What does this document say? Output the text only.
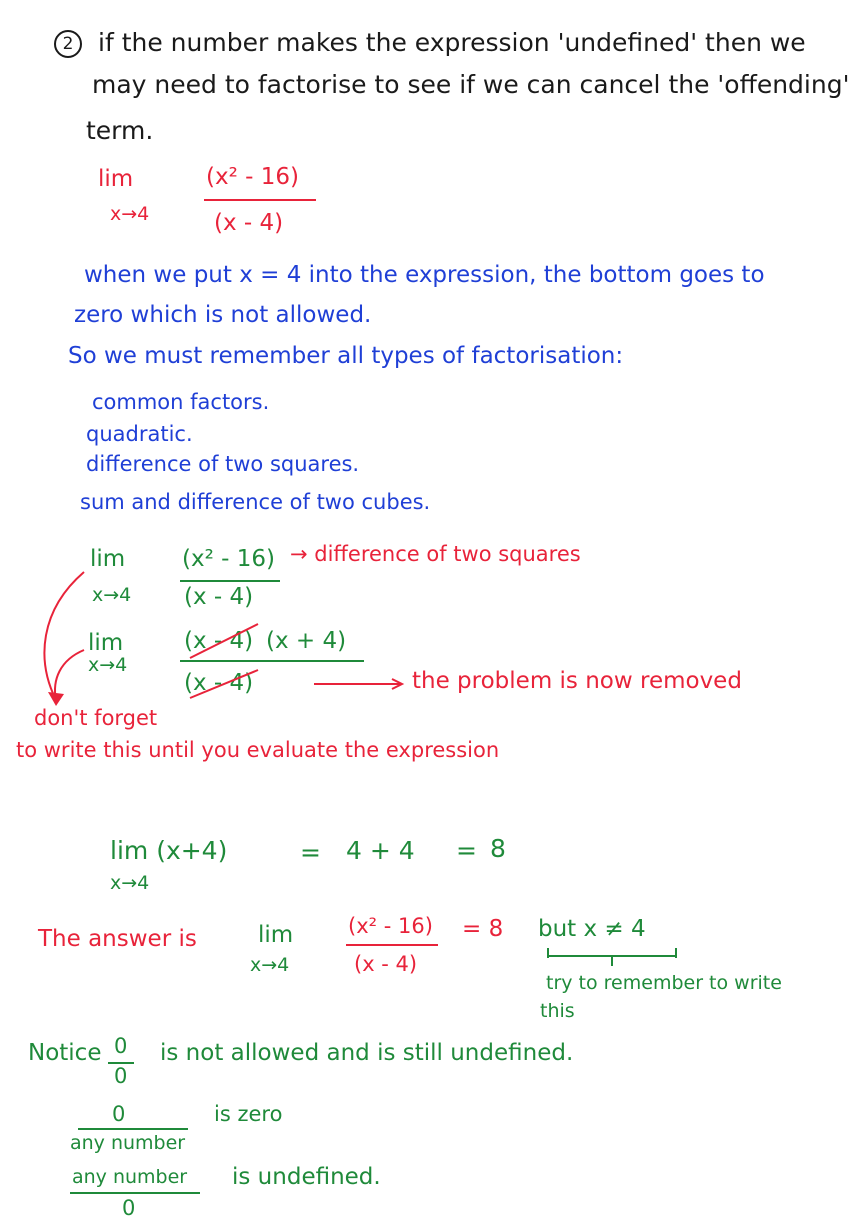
2 if the number makes the expression 'undefined' then we
may need to factorise to see if we can cancel the 'offending'
term.
lim
x→4
(x² - 16)
(x - 4)
when we put x = 4 into the expression, the bottom goes to
zero which is not allowed.
So we must remember all types of factorisation:
common factors.
quadratic.
difference of two squares.
sum and difference of two cubes.
lim
x→4
(x² - 16)
(x - 4)
→ difference of two squares
lim
x→4
(x - 4) (x + 4)
(x - 4)	the problem is now removed
don't forget
to write this until you evaluate the expression
lim (x+4)
x→4
= 4 + 4 = 8
The answer is	lim
x→4
(x² - 16)
(x - 4)
= 8 but x ≠ 4
try to remember to write
this
Notice 0
0
is not allowed and is still undefined.
0
any number
is zero
any number
0
is undefined.
